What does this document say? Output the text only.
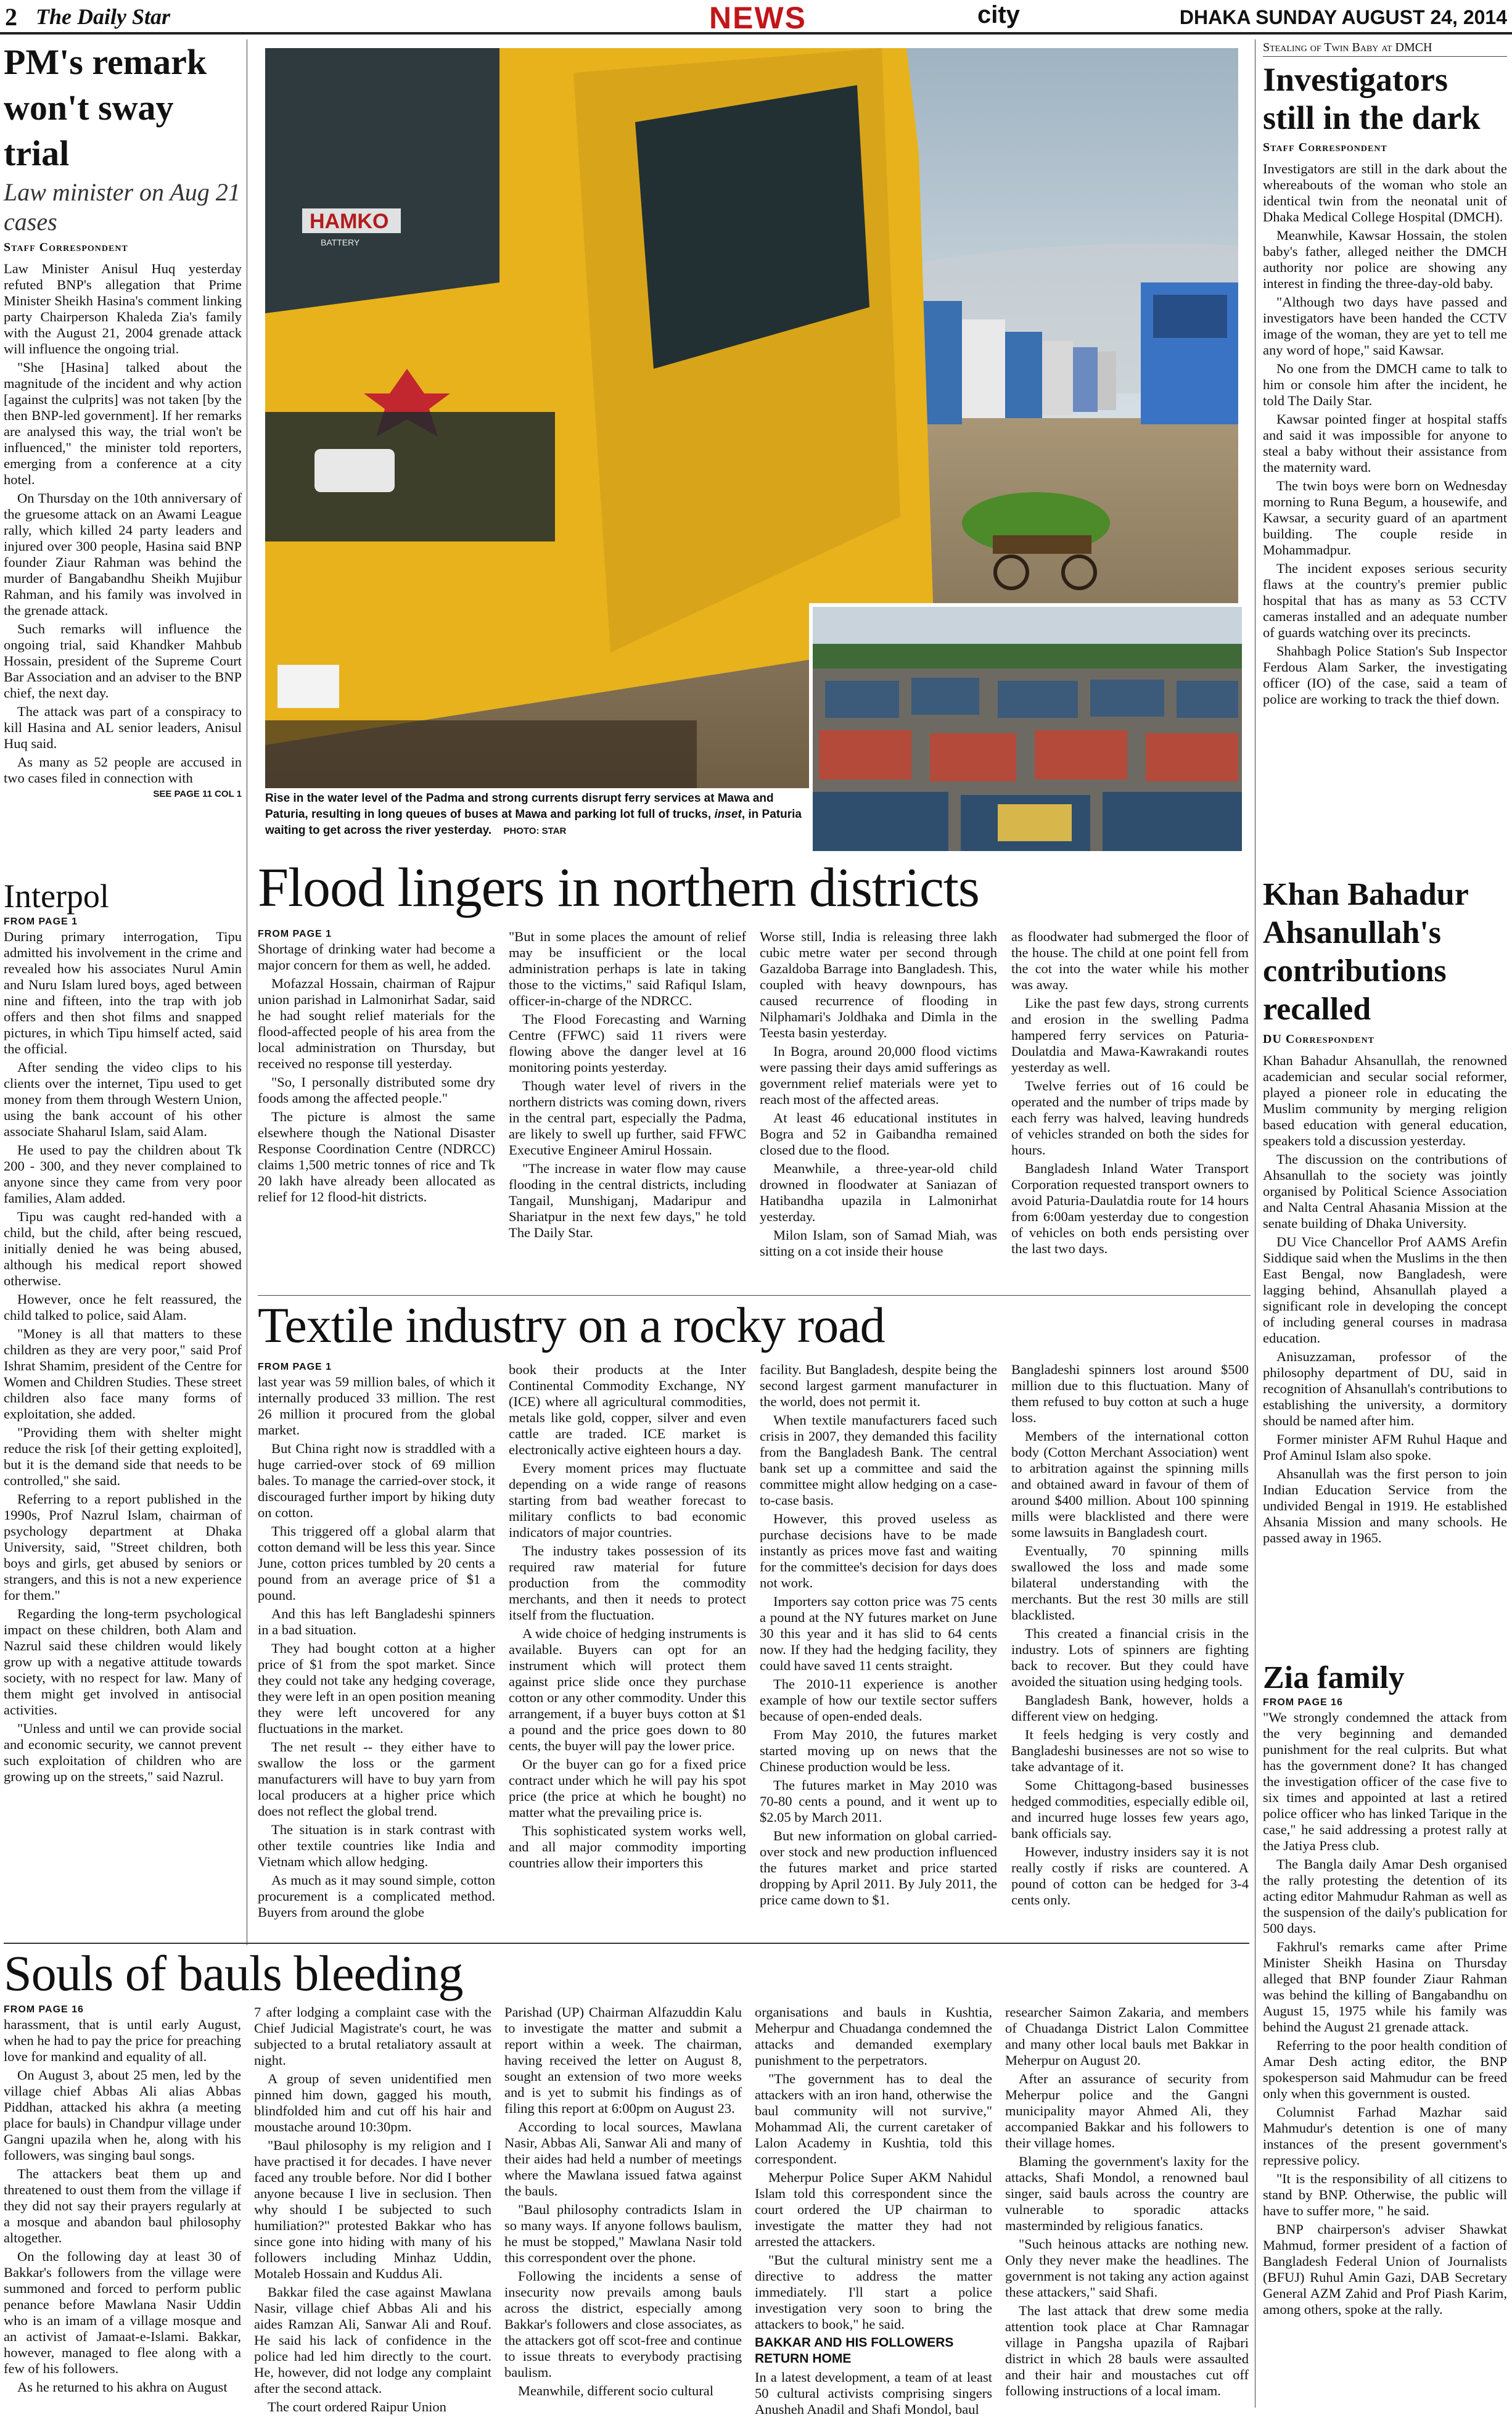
2 The Daily Star	NEWS	city	DHAKA SUNDAY AUGUST 24, 2014
PM's remark won't sway trial
Law minister on Aug 21 cases
Staff Correspondent

Law Minister Anisul Huq yesterday refuted BNP's allegation that Prime Minister Sheikh Hasina's comment linking party Chairperson Khaleda Zia's family with the August 21, 2004 grenade attack will influence the ongoing trial.

"She [Hasina] talked about the magnitude of the incident and why action [against the culprits] was not taken [by the then BNP-led government]. If her remarks are analysed this way, the trial won't be influenced," the minister told reporters, emerging from a conference at a city hotel.

On Thursday on the 10th anniversary of the gruesome attack on an Awami League rally, which killed 24 party leaders and injured over 300 people, Hasina said BNP founder Ziaur Rahman was behind the murder of Bangabandhu Sheikh Mujibur Rahman, and his family was involved in the grenade attack.

Such remarks will influence the ongoing trial, said Khandker Mahbub Hossain, president of the Supreme Court Bar Association and an adviser to the BNP chief, the next day.

The attack was part of a conspiracy to kill Hasina and AL senior leaders, Anisul Huq said.

As many as 52 people are accused in two cases filed in connection with

SEE PAGE 11 COL 1
Interpol
FROM PAGE 1

During primary interrogation, Tipu admitted his involvement in the crime and revealed how his associates Nurul Amin and Nuru Islam lured boys, aged between nine and fifteen, into the trap with job offers and then shot films and snapped pictures, in which Tipu himself acted, said the official.

After sending the video clips to his clients over the internet, Tipu used to get money from them through Western Union, using the bank account of his other associate Shaharul Islam, said Alam.

He used to pay the children about Tk 200 - 300, and they never complained to anyone since they came from very poor families, Alam added.

Tipu was caught red-handed with a child, but the child, after being rescued, initially denied he was being abused, although his medical report showed otherwise.

However, once he felt reassured, the child talked to police, said Alam.

"Money is all that matters to these children as they are very poor," said Prof Ishrat Shamim, president of the Centre for Women and Children Studies. These street children also face many forms of exploitation, she added.

"Providing them with shelter might reduce the risk [of their getting exploited], but it is the demand side that needs to be controlled," she said.

Referring to a report published in the 1990s, Prof Nazrul Islam, chairman of psychology department at Dhaka University, said, "Street children, both boys and girls, get abused by seniors or strangers, and this is not a new experience for them."

Regarding the long-term psychological impact on these children, both Alam and Nazrul said these children would likely grow up with a negative attitude towards society, with no respect for law. Many of them might get involved in antisocial activities.

"Unless and until we can provide social and economic security, we cannot prevent such exploitation of children who are growing up on the streets," said Nazrul.

HAMKO
BATTERY
Rise in the water level of the Padma and strong currents disrupt ferry services at Mawa and Paturia, resulting in long queues of buses at Mawa and parking lot full of trucks, inset, in Paturia waiting to get across the river yesterday. PHOTO: STAR
Stealing of Twin Baby at DMCH
Investigators still in the dark
Staff Correspondent

Investigators are still in the dark about the whereabouts of the woman who stole an identical twin from the neonatal unit of Dhaka Medical College Hospital (DMCH).

Meanwhile, Kawsar Hossain, the stolen baby's father, alleged neither the DMCH authority nor police are showing any interest in finding the three-day-old baby.

"Although two days have passed and investigators have been handed the CCTV image of the woman, they are yet to tell me any word of hope," said Kawsar.

No one from the DMCH came to talk to him or console him after the incident, he told The Daily Star.

Kawsar pointed finger at hospital staffs and said it was impossible for anyone to steal a baby without their assistance from the maternity ward.

The twin boys were born on Wednesday morning to Runa Begum, a housewife, and Kawsar, a security guard of an apartment building. The couple reside in Mohammadpur.

The incident exposes serious security flaws at the country's premier public hospital that has as many as 53 CCTV cameras installed and an adequate number of guards watching over its precincts.

Shahbagh Police Station's Sub Inspector Ferdous Alam Sarker, the investigating officer (IO) of the case, said a team of police are working to track the thief down.

Khan Bahadur Ahsanullah's contributions recalled
DU Correspondent

Khan Bahadur Ahsanullah, the renowned academician and secular social reformer, played a pioneer role in educating the Muslim community by merging religion based education with general education, speakers told a discussion yesterday.

The discussion on the contributions of Ahsanullah to the society was jointly organised by Political Science Association and Nalta Central Ahasania Mission at the senate building of Dhaka University.

DU Vice Chancellor Prof AAMS Arefin Siddique said when the Muslims in the then East Bengal, now Bangladesh, were lagging behind, Ahsanullah played a significant role in developing the concept of including general courses in madrasa education.

Anisuzzaman, professor of the philosophy department of DU, said in recognition of Ahsanullah's contributions to establishing the university, a dormitory should be named after him.

Former minister AFM Ruhul Haque and Prof Aminul Islam also spoke.

Ahsanullah was the first person to join Indian Education Service from the undivided Bengal in 1919. He established Ahsania Mission and many schools. He passed away in 1965.

Zia family
FROM PAGE 16

"We strongly condemned the attack from the very beginning and demanded punishment for the real culprits. But what has the government done? It has changed the investigation officer of the case five to six times and appointed at last a retired police officer who has linked Tarique in the case," he said addressing a protest rally at the Jatiya Press club.

The Bangla daily Amar Desh organised the rally protesting the detention of its acting editor Mahmudur Rahman as well as the suspension of the daily's publication for 500 days.

Fakhrul's remarks came after Prime Minister Sheikh Hasina on Thursday alleged that BNP founder Ziaur Rahman was behind the killing of Bangabandhu on August 15, 1975 while his family was behind the August 21 grenade attack.

Referring to the poor health condition of Amar Desh acting editor, the BNP spokesperson said Mahmudur can be freed only when this government is ousted.

Columnist Farhad Mazhar said Mahmudur's detention is one of many instances of the present government's repressive policy.

"It is the responsibility of all citizens to stand by BNP. Otherwise, the public will have to suffer more, " he said.

BNP chairperson's adviser Shawkat Mahmud, former president of a faction of Bangladesh Federal Union of Journalists (BFUJ) Ruhul Amin Gazi, DAB Secretary General AZM Zahid and Prof Piash Karim, among others, spoke at the rally.

Flood lingers in northern districts
FROM PAGE 1

Shortage of drinking water had become a major concern for them as well, he added.

Mofazzal Hossain, chairman of Rajpur union parishad in Lalmonirhat Sadar, said he had sought relief materials for the flood-affected people of his area from the local administration on Thursday, but received no response till yesterday.

"So, I personally distributed some dry foods among the affected people."

The picture is almost the same elsewhere though the National Disaster Response Coordination Centre (NDRCC) claims 1,500 metric tonnes of rice and Tk 20 lakh have already been allocated as relief for 12 flood-hit districts.

"But in some places the amount of relief may be insufficient or the local administration perhaps is late in taking those to the victims," said Rafiqul Islam, officer-in-charge of the NDRCC.

The Flood Forecasting and Warning Centre (FFWC) said 11 rivers were flowing above the danger level at 16 monitoring points yesterday.

Though water level of rivers in the northern districts was coming down, rivers in the central part, especially the Padma, are likely to swell up further, said FFWC Executive Engineer Amirul Hossain.

"The increase in water flow may cause flooding in the central districts, including Tangail, Munshiganj, Madaripur and Shariatpur in the next few days," he told The Daily Star.

Worse still, India is releasing three lakh cubic metre water per second through Gazaldoba Barrage into Bangladesh. This, coupled with heavy downpours, has caused recurrence of flooding in Nilphamari's Joldhaka and Dimla in the Teesta basin yesterday.

In Bogra, around 20,000 flood victims were passing their days amid sufferings as government relief materials were yet to reach most of the affected areas.

At least 46 educational institutes in Bogra and 52 in Gaibandha remained closed due to the flood.

Meanwhile, a three-year-old child drowned in floodwater at Saniazan of Hatibandha upazila in Lalmonirhat yesterday.

Milon Islam, son of Samad Miah, was sitting on a cot inside their house

as floodwater had submerged the floor of the house. The child at one point fell from the cot into the water while his mother was away.

Like the past few days, strong currents and erosion in the swelling Padma hampered ferry services on Paturia-Doulatdia and Mawa-Kawrakandi routes yesterday as well.

Twelve ferries out of 16 could be operated and the number of trips made by each ferry was halved, leaving hundreds of vehicles stranded on both the sides for hours.

Bangladesh Inland Water Transport Corporation requested transport owners to avoid Paturia-Daulatdia route for 14 hours from 6:00am yesterday due to congestion of vehicles on both ends persisting over the last two days.

Textile industry on a rocky road
FROM PAGE 1

last year was 59 million bales, of which it internally produced 33 million. The rest 26 million it procured from the global market.

But China right now is straddled with a huge carried-over stock of 69 million bales. To manage the carried-over stock, it discouraged further import by hiking duty on cotton.

This triggered off a global alarm that cotton demand will be less this year. Since June, cotton prices tumbled by 20 cents a pound from an average price of $1 a pound.

And this has left Bangladeshi spinners in a bad situation.

They had bought cotton at a higher price of $1 from the spot market. Since they could not take any hedging coverage, they were left in an open position meaning they were left uncovered for any fluctuations in the market.

The net result -- they either have to swallow the loss or the garment manufacturers will have to buy yarn from local producers at a higher price which does not reflect the global trend.

The situation is in stark contrast with other textile countries like India and Vietnam which allow hedging.

As much as it may sound simple, cotton procurement is a complicated method. Buyers from around the globe

book their products at the Inter Continental Commodity Exchange, NY (ICE) where all agricultural commodities, metals like gold, copper, silver and even cattle are traded. ICE market is electronically active eighteen hours a day.

Every moment prices may fluctuate depending on a wide range of reasons starting from bad weather forecast to military conflicts to bad economic indicators of major countries.

The industry takes possession of its required raw material for future production from the commodity merchants, and then it needs to protect itself from the fluctuation.

A wide choice of hedging instruments is available. Buyers can opt for an instrument which will protect them against price slide once they purchase cotton or any other commodity. Under this arrangement, if a buyer buys cotton at $1 a pound and the price goes down to 80 cents, the buyer will pay the lower price.

Or the buyer can go for a fixed price contract under which he will pay his spot price (the price at which he bought) no matter what the prevailing price is.

This sophisticated system works well, and all major commodity importing countries allow their importers this

facility. But Bangladesh, despite being the second largest garment manufacturer in the world, does not permit it.

When textile manufacturers faced such crisis in 2007, they demanded this facility from the Bangladesh Bank. The central bank set up a committee and said the committee might allow hedging on a case-to-case basis.

However, this proved useless as purchase decisions have to be made instantly as prices move fast and waiting for the committee's decision for days does not work.

Importers say cotton price was 75 cents a pound at the NY futures market on June 30 this year and it has slid to 64 cents now. If they had the hedging facility, they could have saved 11 cents straight.

The 2010-11 experience is another example of how our textile sector suffers because of open-ended deals.

From May 2010, the futures market started moving up on news that the Chinese production would be less.

The futures market in May 2010 was 70-80 cents a pound, and it went up to $2.05 by March 2011.

But new information on global carried-over stock and new production influenced the futures market and price started dropping by April 2011. By July 2011, the price came down to $1.

Bangladeshi spinners lost around $500 million due to this fluctuation. Many of them refused to buy cotton at such a huge loss.

Members of the international cotton body (Cotton Merchant Association) went to arbitration against the spinning mills and obtained award in favour of them of around $400 million. About 100 spinning mills were blacklisted and there were some lawsuits in Bangladesh court.

Eventually, 70 spinning mills swallowed the loss and made some bilateral understanding with the merchants. But the rest 30 mills are still blacklisted.

This created a financial crisis in the industry. Lots of spinners are fighting back to recover. But they could have avoided the situation using hedging tools.

Bangladesh Bank, however, holds a different view on hedging.

It feels hedging is very costly and Bangladeshi businesses are not so wise to take advantage of it.

Some Chittagong-based businesses hedged commodities, especially edible oil, and incurred huge losses few years ago, bank officials say.

However, industry insiders say it is not really costly if risks are countered. A pound of cotton can be hedged for 3-4 cents only.

Souls of bauls bleeding
FROM PAGE 16

harassment, that is until early August, when he had to pay the price for preaching love for mankind and equality of all.

On August 3, about 25 men, led by the village chief Abbas Ali alias Abbas Piddhan, attacked his akhra (a meeting place for bauls) in Chandpur village under Gangni upazila when he, along with his followers, was singing baul songs.

The attackers beat them up and threatened to oust them from the village if they did not say their prayers regularly at a mosque and abandon baul philosophy altogether.

On the following day at least 30 of Bakkar's followers from the village were summoned and forced to perform public penance before Mawlana Nasir Uddin who is an imam of a village mosque and an activist of Jamaat-e-Islami. Bakkar, however, managed to flee along with a few of his followers.

As he returned to his akhra on August

7 after lodging a complaint case with the Chief Judicial Magistrate's court, he was subjected to a brutal retaliatory assault at night.

A group of seven unidentified men pinned him down, gagged his mouth, blindfolded him and cut off his hair and moustache around 10:30pm.

"Baul philosophy is my religion and I have practised it for decades. I have never faced any trouble before. Nor did I bother anyone because I live in seclusion. Then why should I be subjected to such humiliation?" protested Bakkar who has since gone into hiding with many of his followers including Minhaz Uddin, Motaleb Hossain and Kuddus Ali.

Bakkar filed the case against Mawlana Nasir, village chief Abbas Ali and his aides Ramzan Ali, Sanwar Ali and Rouf. He said his lack of confidence in the police had led him directly to the court. He, however, did not lodge any complaint after the second attack.

The court ordered Raipur Union

Parishad (UP) Chairman Alfazuddin Kalu to investigate the matter and submit a report within a week. The chairman, having received the letter on August 8, sought an extension of two more weeks and is yet to submit his findings as of filing this report at 6:00pm on August 23.

According to local sources, Mawlana Nasir, Abbas Ali, Sanwar Ali and many of their aides had held a number of meetings where the Mawlana issued fatwa against the bauls.

"Baul philosophy contradicts Islam in so many ways. If anyone follows baulism, he must be stopped," Mawlana Nasir told this correspondent over the phone.

Following the incidents a sense of insecurity now prevails among bauls across the district, especially among Bakkar's followers and close associates, as the attackers got off scot-free and continue to issue threats to everybody practising baulism.

Meanwhile, different socio cultural

organisations and bauls in Kushtia, Meherpur and Chuadanga condemned the attacks and demanded exemplary punishment to the perpetrators.

"The government has to deal the attackers with an iron hand, otherwise the baul community will not survive," Mohammad Ali, the current caretaker of Lalon Academy in Kushtia, told this correspondent.

Meherpur Police Super AKM Nahidul Islam told this correspondent since the court ordered the UP chairman to investigate the matter they had not arrested the attackers.

"But the cultural ministry sent me a directive to address the matter immediately. I'll start a police investigation very soon to bring the attackers to book," he said.

BAKKAR AND HIS FOLLOWERS RETURN HOME

In a latest development, a team of at least 50 cultural activists comprising singers Anusheh Anadil and Shafi Mondol, baul

researcher Saimon Zakaria, and members of Chuadanga District Lalon Committee and many other local bauls met Bakkar in Meherpur on August 20.

After an assurance of security from Meherpur police and the Gangni municipality mayor Ahmed Ali, they accompanied Bakkar and his followers to their village homes.

Blaming the government's laxity for the attacks, Shafi Mondol, a renowned baul singer, said bauls across the country are vulnerable to sporadic attacks masterminded by religious fanatics.

"Such heinous attacks are nothing new. Only they never make the headlines. The government is not taking any action against these attackers," said Shafi.

The last attack that drew some media attention took place at Char Ramnagar village in Pangsha upazila of Rajbari district in which 28 bauls were assaulted and their hair and moustaches cut off following instructions of a local imam.
